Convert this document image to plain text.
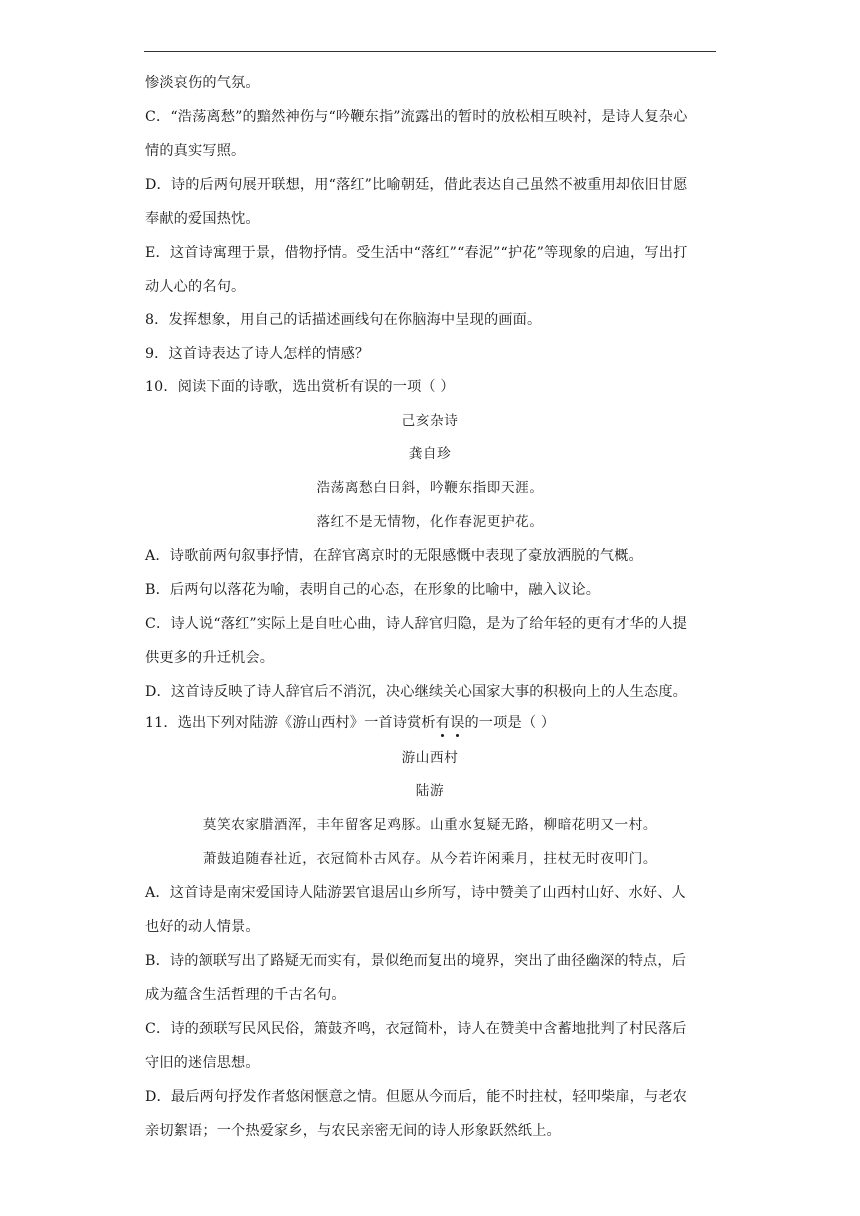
惨淡哀伤的气氛。
C．“浩荡离愁”的黯然神伤与“吟鞭东指”流露出的暂时的放松相互映衬，是诗人复杂心
情的真实写照。
D．诗的后两句展开联想，用“落红”比喻朝廷，借此表达自己虽然不被重用却依旧甘愿
奉献的爱国热忱。
E．这首诗寓理于景，借物抒情。受生活中“落红”“春泥”“护花”等现象的启迪，写出打
动人心的名句。
8．发挥想象，用自己的话描述画线句在你脑海中呈现的画面。
9．这首诗表达了诗人怎样的情感？
10．阅读下面的诗歌，选出赏析有误的一项（ ）
己亥杂诗
龚自珍
浩荡离愁白日斜，吟鞭东指即天涯。
落红不是无情物，化作春泥更护花。
A．诗歌前两句叙事抒情，在辞官离京时的无限感慨中表现了豪放洒脱的气概。
B．后两句以落花为喻，表明自己的心态，在形象的比喻中，融入议论。
C．诗人说“落红”实际上是自吐心曲，诗人辞官归隐，是为了给年轻的更有才华的人提
供更多的升迁机会。
D．这首诗反映了诗人辞官后不消沉，决心继续关心国家大事的积极向上的人生态度。
11．选出下列对陆游《游山西村》一首诗赏析有误的一项是（ ）
游山西村
陆游
莫笑农家腊酒浑，丰年留客足鸡豚。山重水复疑无路，柳暗花明又一村。
萧鼓追随春社近，衣冠简朴古风存。从今若许闲乘月，拄杖无时夜叩门。
A．这首诗是南宋爱国诗人陆游罢官退居山乡所写，诗中赞美了山西村山好、水好、人
也好的动人情景。
B．诗的颔联写出了路疑无而实有，景似绝而复出的境界，突出了曲径幽深的特点，后
成为蕴含生活哲理的千古名句。
C．诗的颈联写民风民俗，箫鼓齐鸣，衣冠简朴，诗人在赞美中含蓄地批判了村民落后
守旧的迷信思想。
D．最后两句抒发作者悠闲惬意之情。但愿从今而后，能不时拄杖，轻叩柴扉，与老农
亲切絮语；一个热爱家乡，与农民亲密无间的诗人形象跃然纸上。
